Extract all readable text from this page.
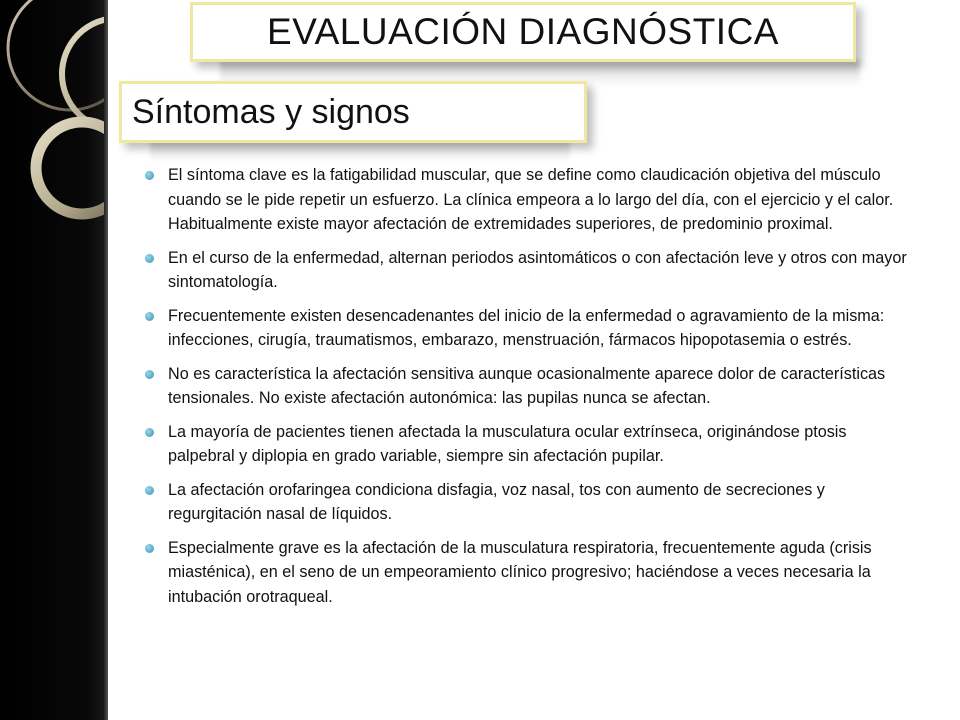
EVALUACIÓN DIAGNÓSTICA
Síntomas y signos
El síntoma clave es la fatigabilidad muscular, que se define como claudicación objetiva del músculo cuando se le pide repetir un esfuerzo. La clínica empeora a lo largo del día, con el ejercicio y el calor. Habitualmente existe mayor afectación de extremidades superiores, de predominio proximal.
En el curso de la enfermedad, alternan periodos asintomáticos o con afectación leve y otros con mayor sintomatología.
Frecuentemente existen desencadenantes del inicio de la enfermedad o agravamiento de la misma: infecciones, cirugía, traumatismos, embarazo, menstruación, fármacos hipopotasemia o estrés.
No es característica la afectación sensitiva aunque ocasionalmente aparece dolor de características tensionales. No existe afectación autonómica: las pupilas nunca se afectan.
La mayoría de pacientes tienen afectada la musculatura ocular extrínseca, originándose ptosis palpebral y diplopia en grado variable, siempre sin afectación pupilar.
La afectación orofaringea condiciona disfagia, voz nasal, tos con aumento de secreciones y regurgitación nasal de líquidos.
Especialmente grave es la afectación de la musculatura respiratoria, frecuentemente aguda (crisis miasténica), en el seno de un empeoramiento clínico progresivo; haciéndose a veces necesaria la intubación orotraqueal.
